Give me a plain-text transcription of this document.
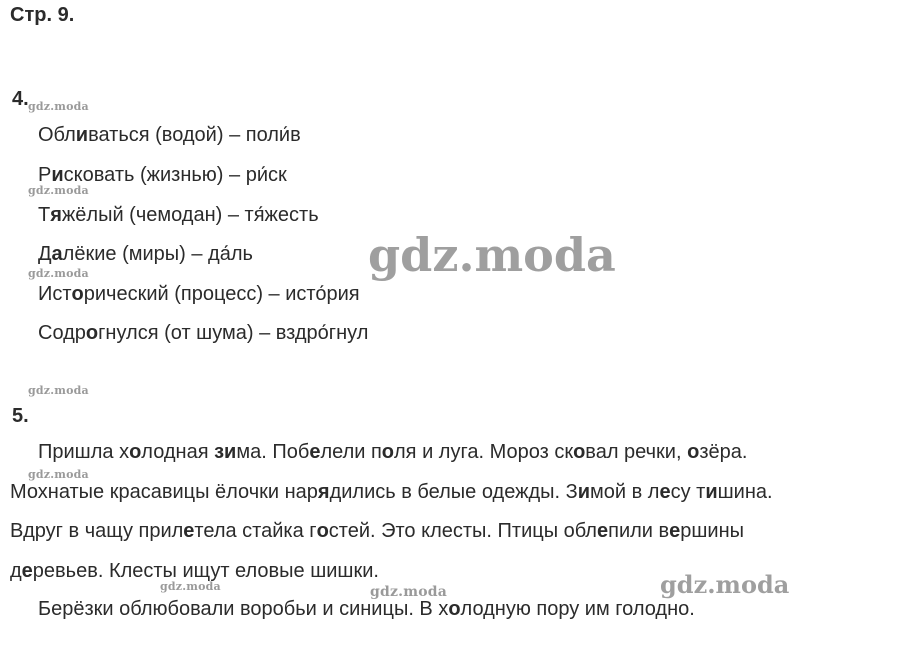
Стр. 9.
4.
Обливаться (водой) – поли́в
Рисковать (жизнью) – ри́ск
Тяжёлый (чемодан) – тя́жесть
Далёкие (миры) – да́ль
Исторический (процесс) – исто́рия
Содрогнулся (от шума) – вздро́гнул
5.
Пришла холодная зима. Побелели поля и луга. Мороз сковал речки, озёра.
Мохнатые красавицы ёлочки нарядились в белые одежды. Зимой в лесу тишина.
Вдруг в чащу прилетела стайка гостей. Это клесты. Птицы облепили вершины
деревьев. Клесты ищут еловые шишки.
Берёзки облюбовали воробьи и синицы. В холодную пору им голодно.
gdz.moda
gdz.moda
gdz.moda
gdz.moda
gdz.moda
gdz.moda	gdz.moda
gdz.moda
gdz.moda
